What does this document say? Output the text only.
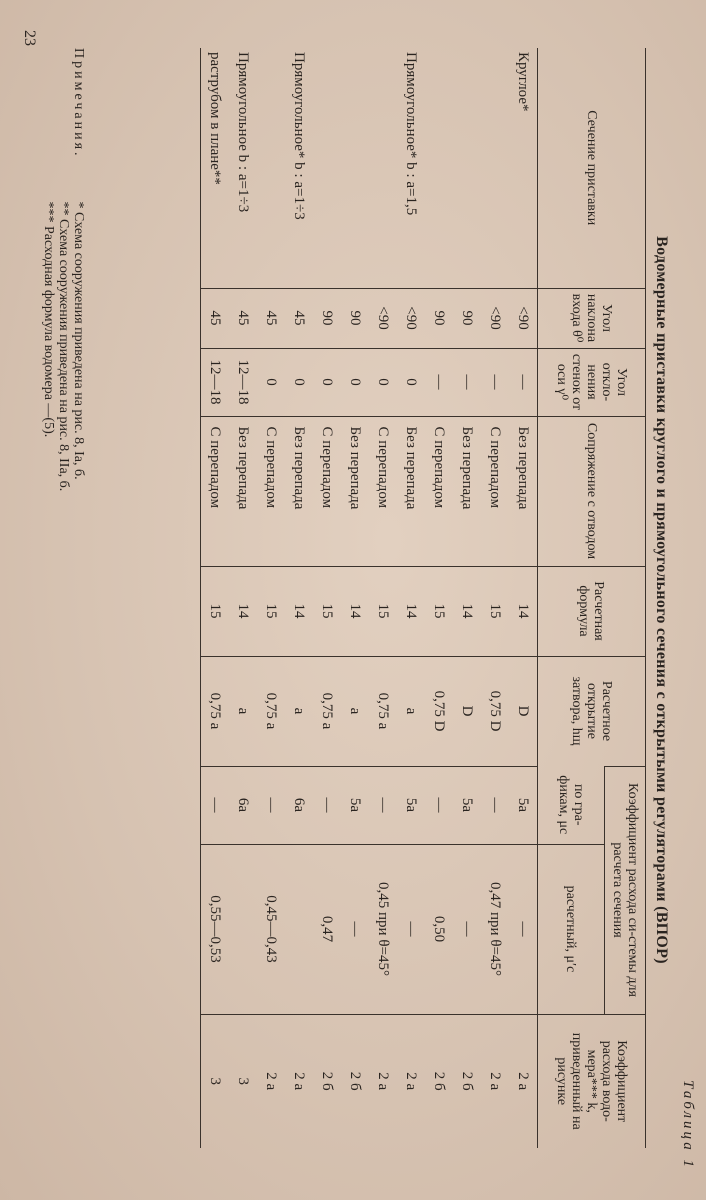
Таблица 1
Водомерные приставки круглого и прямоугольного сечения с открытыми регуляторами (ВПОР)
Сечение приставки	Угол наклона входа θ⁰	Угол откло-нения стенок от оси γ⁰	Сопряжение с отводом	Расчетная формула	Расчетное открытие затвора, hщ	Коэффициент расхода си-стемы для расчета сечения		Коэффициент расхода водо-мера*** k, приведенный на рисунке
						по гра-фикам, μс	расчетный, μ′с	
Круглое*	<90	—	Без перепада	14	D	5а	—	2 а
	<90	—	С перепадом	15	0,75 D	—	0,47 при θ=45°	2 а
	90	—	Без перепада	14	D	5а	—	2 б
	90	—	С перепадом	15	0,75 D	—	0,50	2 б
Прямоугольное* b : a=1,5	<90	0	Без перепада	14	a	5а	—	2 а
	<90	0	С перепадом	15	0,75 a	—	0,45 при θ=45°	2 а
	90	0	Без перепада	14	a	5а	—	2 б
	90	0	С перепадом	15	0,75 a	—	0,47	2 б
Прямоугольное* b : a=1÷3	45	0	Без перепада	14	a	6а		2 а
	45	0	С перепадом	15	0,75 a	—	0,45—0,43	2 а
Прямоугольное b : a=1÷3	45	12—18	Без перепада	14	a	6а		3
раструбом в плане**	45	12—18	С перепадом	15	0,75 a	—	0,55—0,53	3
Примечания.
* Схема сооружения приведена на рис. 8, Iа, б.
** Схема сооружения приведена на рис. 8, IIа, б.
*** Расходная формула водомера —(5).
23
